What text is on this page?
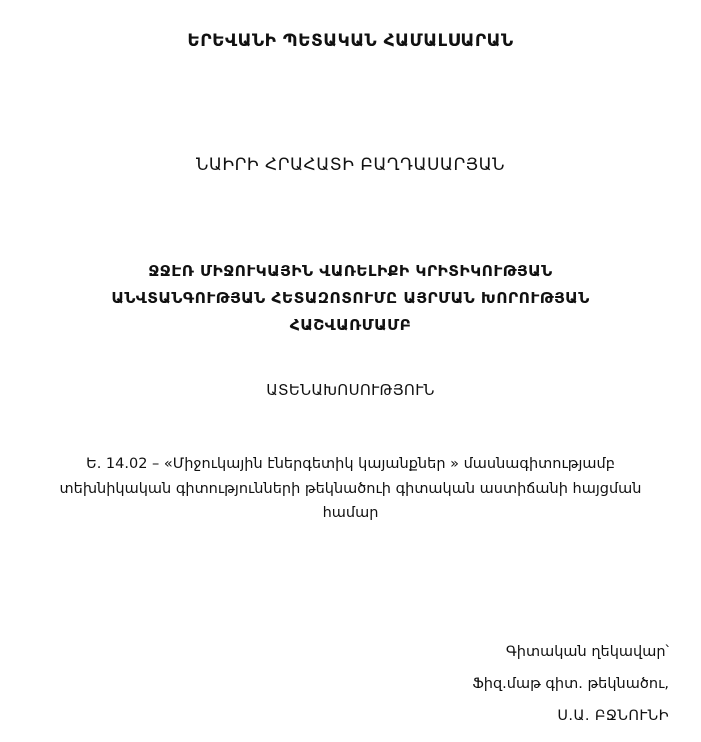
ԵՐԵՎԱՆԻ ՊԵՏԱԿԱՆ ՀԱՄԱԼՍԱՐԱՆ
ՆԱԻՐԻ ՀՐԱՀԱՏԻ ԲԱՂԴԱՍԱՐՅԱՆ
ՋՋԷՌ ՄԻՋՈՒԿԱՅԻՆ ՎԱՌԵԼԻՔԻ ԿՐԻՏԻԿՈՒԹՅԱՆ
ԱՆՎՏԱՆԳՈՒԹՅԱՆ ՀԵՏԱԶՈՏՈՒՄԸ ԱՅՐՄԱՆ ԽՈՐՈՒԹՅԱՆ
ՀԱՇՎԱՌՄԱՄԲ
ԱՏԵՆԱԽՈՍՈՒԹՅՈՒՆ
Ե. 14.02 – «Միջուկային էներգետիկ կայանքներ » մասնագիտությամբ
տեխնիկական գիտությունների թեկնածուի գիտական աստիճանի հայցման
համար
Գիտական ղեկավար՝
Ֆիզ.մաթ գիտ. թեկնածու,
Ս.Ա. ԲՋՆՈՒՆԻ
